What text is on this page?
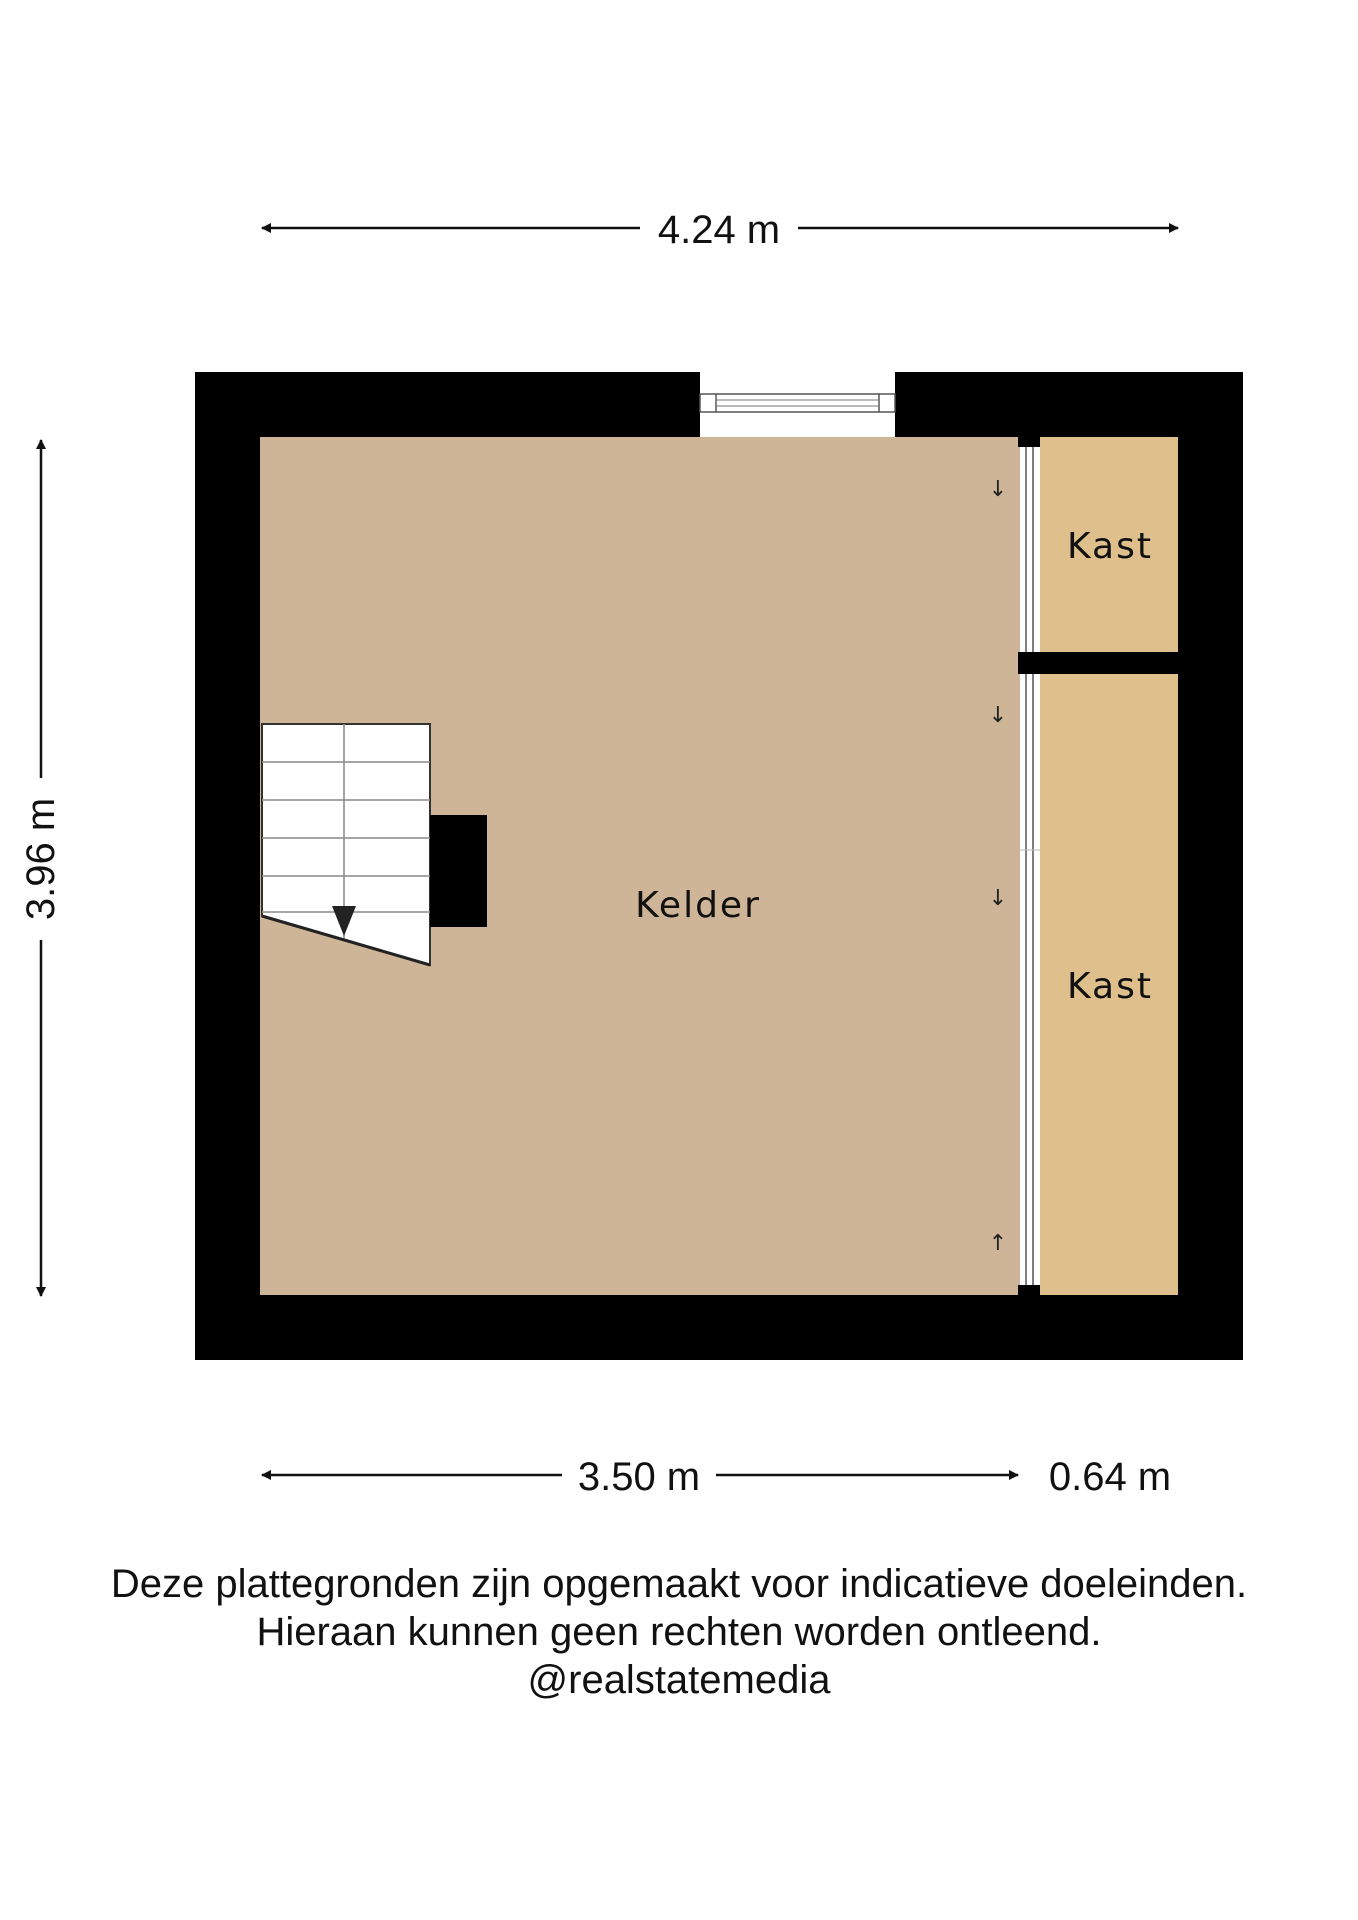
Kelder
Kast
Kast
↓
↓
↓
↑
4.24 m
3.96 m
3.50 m	0.64 m
Deze plattegronden zijn opgemaakt voor indicatieve doeleinden.
Hieraan kunnen geen rechten worden ontleend.
@realstatemedia
